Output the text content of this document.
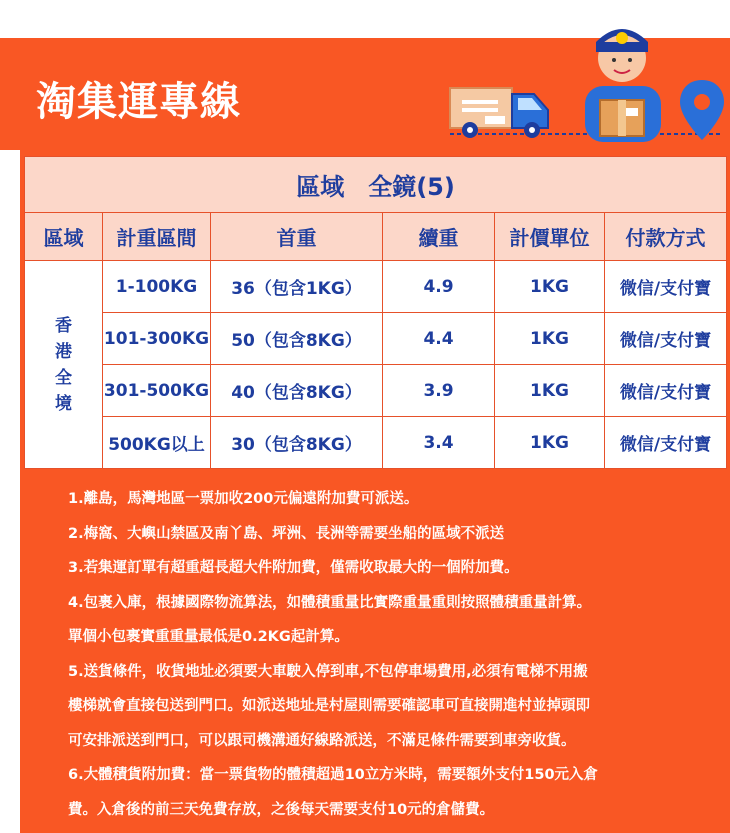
淘集運專線
區域　全鏡(5)					
區域	計重區間	首重	續重	計價單位	付款方式

香港全境	1-100KG	36（包含1KG）	4.9	1KG	微信/支付寶
	101-300KG	50（包含8KG）	4.4	1KG	微信/支付寶
	301-500KG	40（包含8KG）	3.9	1KG	微信/支付寶
	500KG以上	30（包含8KG）	3.4	1KG	微信/支付寶

1.離島，馬灣地區一票加收200元偏遠附加費可派送。

2.梅窩、大嶼山禁區及南丫島、坪洲、長洲等需要坐船的區域不派送

3.若集運訂單有超重超長超大件附加費，僅需收取最大的一個附加費。

4.包裹入庫，根據國際物流算法，如體積重量比實際重量重則按照體積重量計算。

單個小包裹實重重量最低是0.2KG起計算。

5.送貨條件，收貨地址必須要大車駛入停到車,不包停車場費用,必須有電梯不用搬

樓梯就會直接包送到門口。如派送地址是村屋則需要確認車可直接開進村並掉頭即

可安排派送到門口，可以跟司機溝通好線路派送，不滿足條件需要到車旁收貨。

6.大體積貨附加費：當一票貨物的體積超過10立方米時，需要額外支付150元入倉

費。入倉後的前三天免費存放，之後每天需要支付10元的倉儲費。
